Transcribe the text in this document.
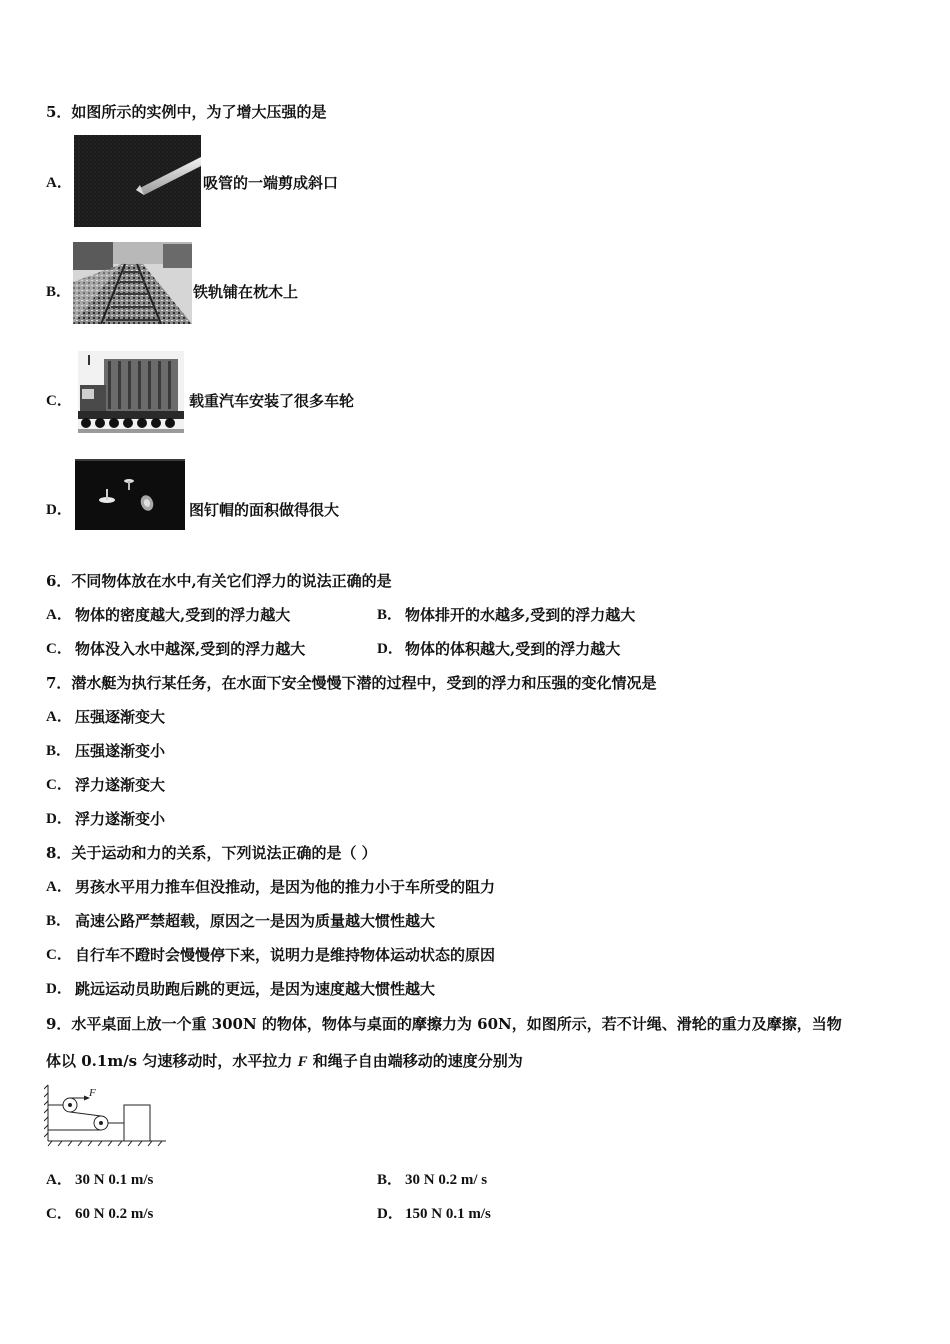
5．如图所示的实例中，为了增大压强的是
A．	吸管的一端剪成斜口
B．	铁轨铺在枕木上
C．	载重汽车安装了很多车轮
D．	图钉帽的面积做得很大
6．不同物体放在水中,有关它们浮力的说法正确的是
A． 物体的密度越大,受到的浮力越大	B． 物体排开的水越多,受到的浮力越大
C． 物体没入水中越深,受到的浮力越大	D． 物体的体积越大,受到的浮力越大
7．潜水艇为执行某任务，在水面下安全慢慢下潜的过程中，受到的浮力和压强的变化情况是
A． 压强逐渐变大
B． 压强遂渐变小
C． 浮力遂渐变大
D． 浮力遂渐变小
8．关于运动和力的关系，下列说法正确的是（ ）
A． 男孩水平用力推车但没推动，是因为他的推力小于车所受的阻力
B． 高速公路严禁超载，原因之一是因为质量越大惯性越大
C． 自行车不蹬时会慢慢停下来，说明力是维持物体运动状态的原因
D． 跳远运动员助跑后跳的更远，是因为速度越大惯性越大
9．水平桌面上放一个重 300N 的物体，物体与桌面的摩擦力为 60N，如图所示，若不计绳、滑轮的重力及摩擦，当物
体以 0.1m/s 匀速移动时，水平拉力 F 和绳子自由端移动的速度分别为
F
A． 30 N 0.1 m/s	B． 30 N 0.2 m/ s
C． 60 N 0.2 m/s	D． 150 N 0.1 m/s
